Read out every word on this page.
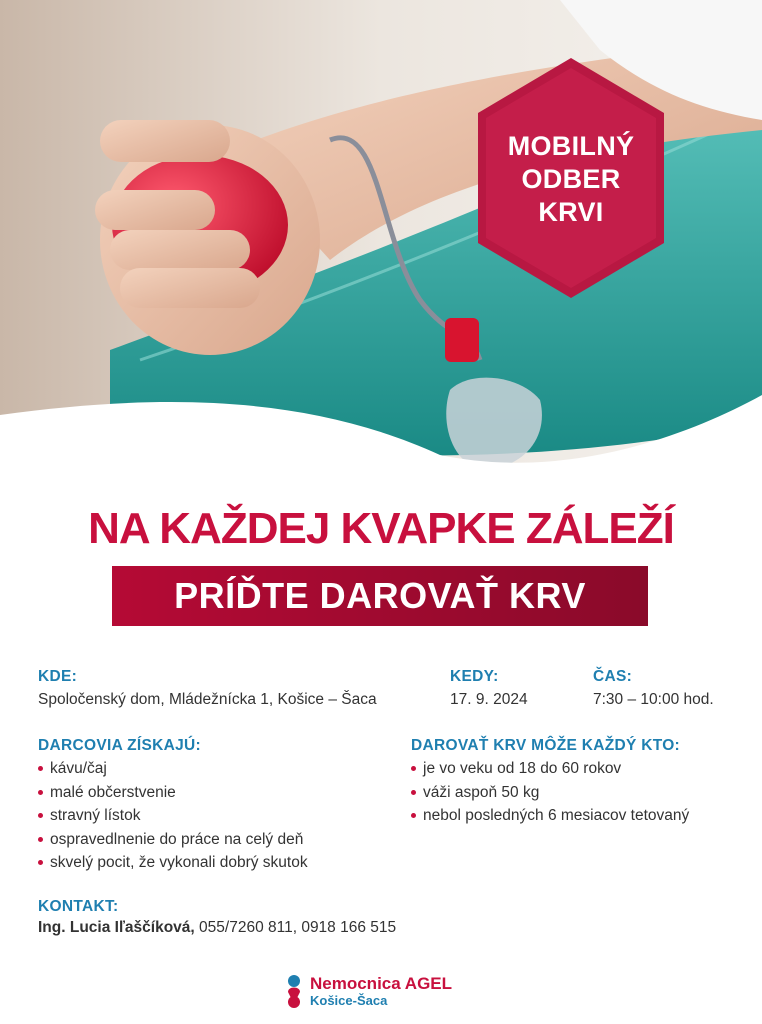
MOBILNÝ
ODBER
KRVI
NA KAŽDEJ KVAPKE ZÁLEŽÍ
PRÍĎTE DAROVAŤ KRV
KDE:
Spoločenský dom, Mládežnícka 1, Košice – Šaca
KEDY:
17. 9. 2024
ČAS:
7:30 – 10:00 hod.
DARCOVIA ZÍSKAJÚ:
kávu/čaj
malé občerstvenie
stravný lístok
ospravedlnenie do práce na celý deň
skvelý pocit, že vykonali dobrý skutok
DAROVAŤ KRV MÔŽE KAŽDÝ KTO:
je vo veku od 18 do 60 rokov
váži aspoň 50 kg
nebol posledných 6 mesiacov tetovaný
KONTAKT:
Ing. Lucia Iľaščíková, 055/7260 811, 0918 166 515
Nemocnica AGEL
Košice-Šaca
